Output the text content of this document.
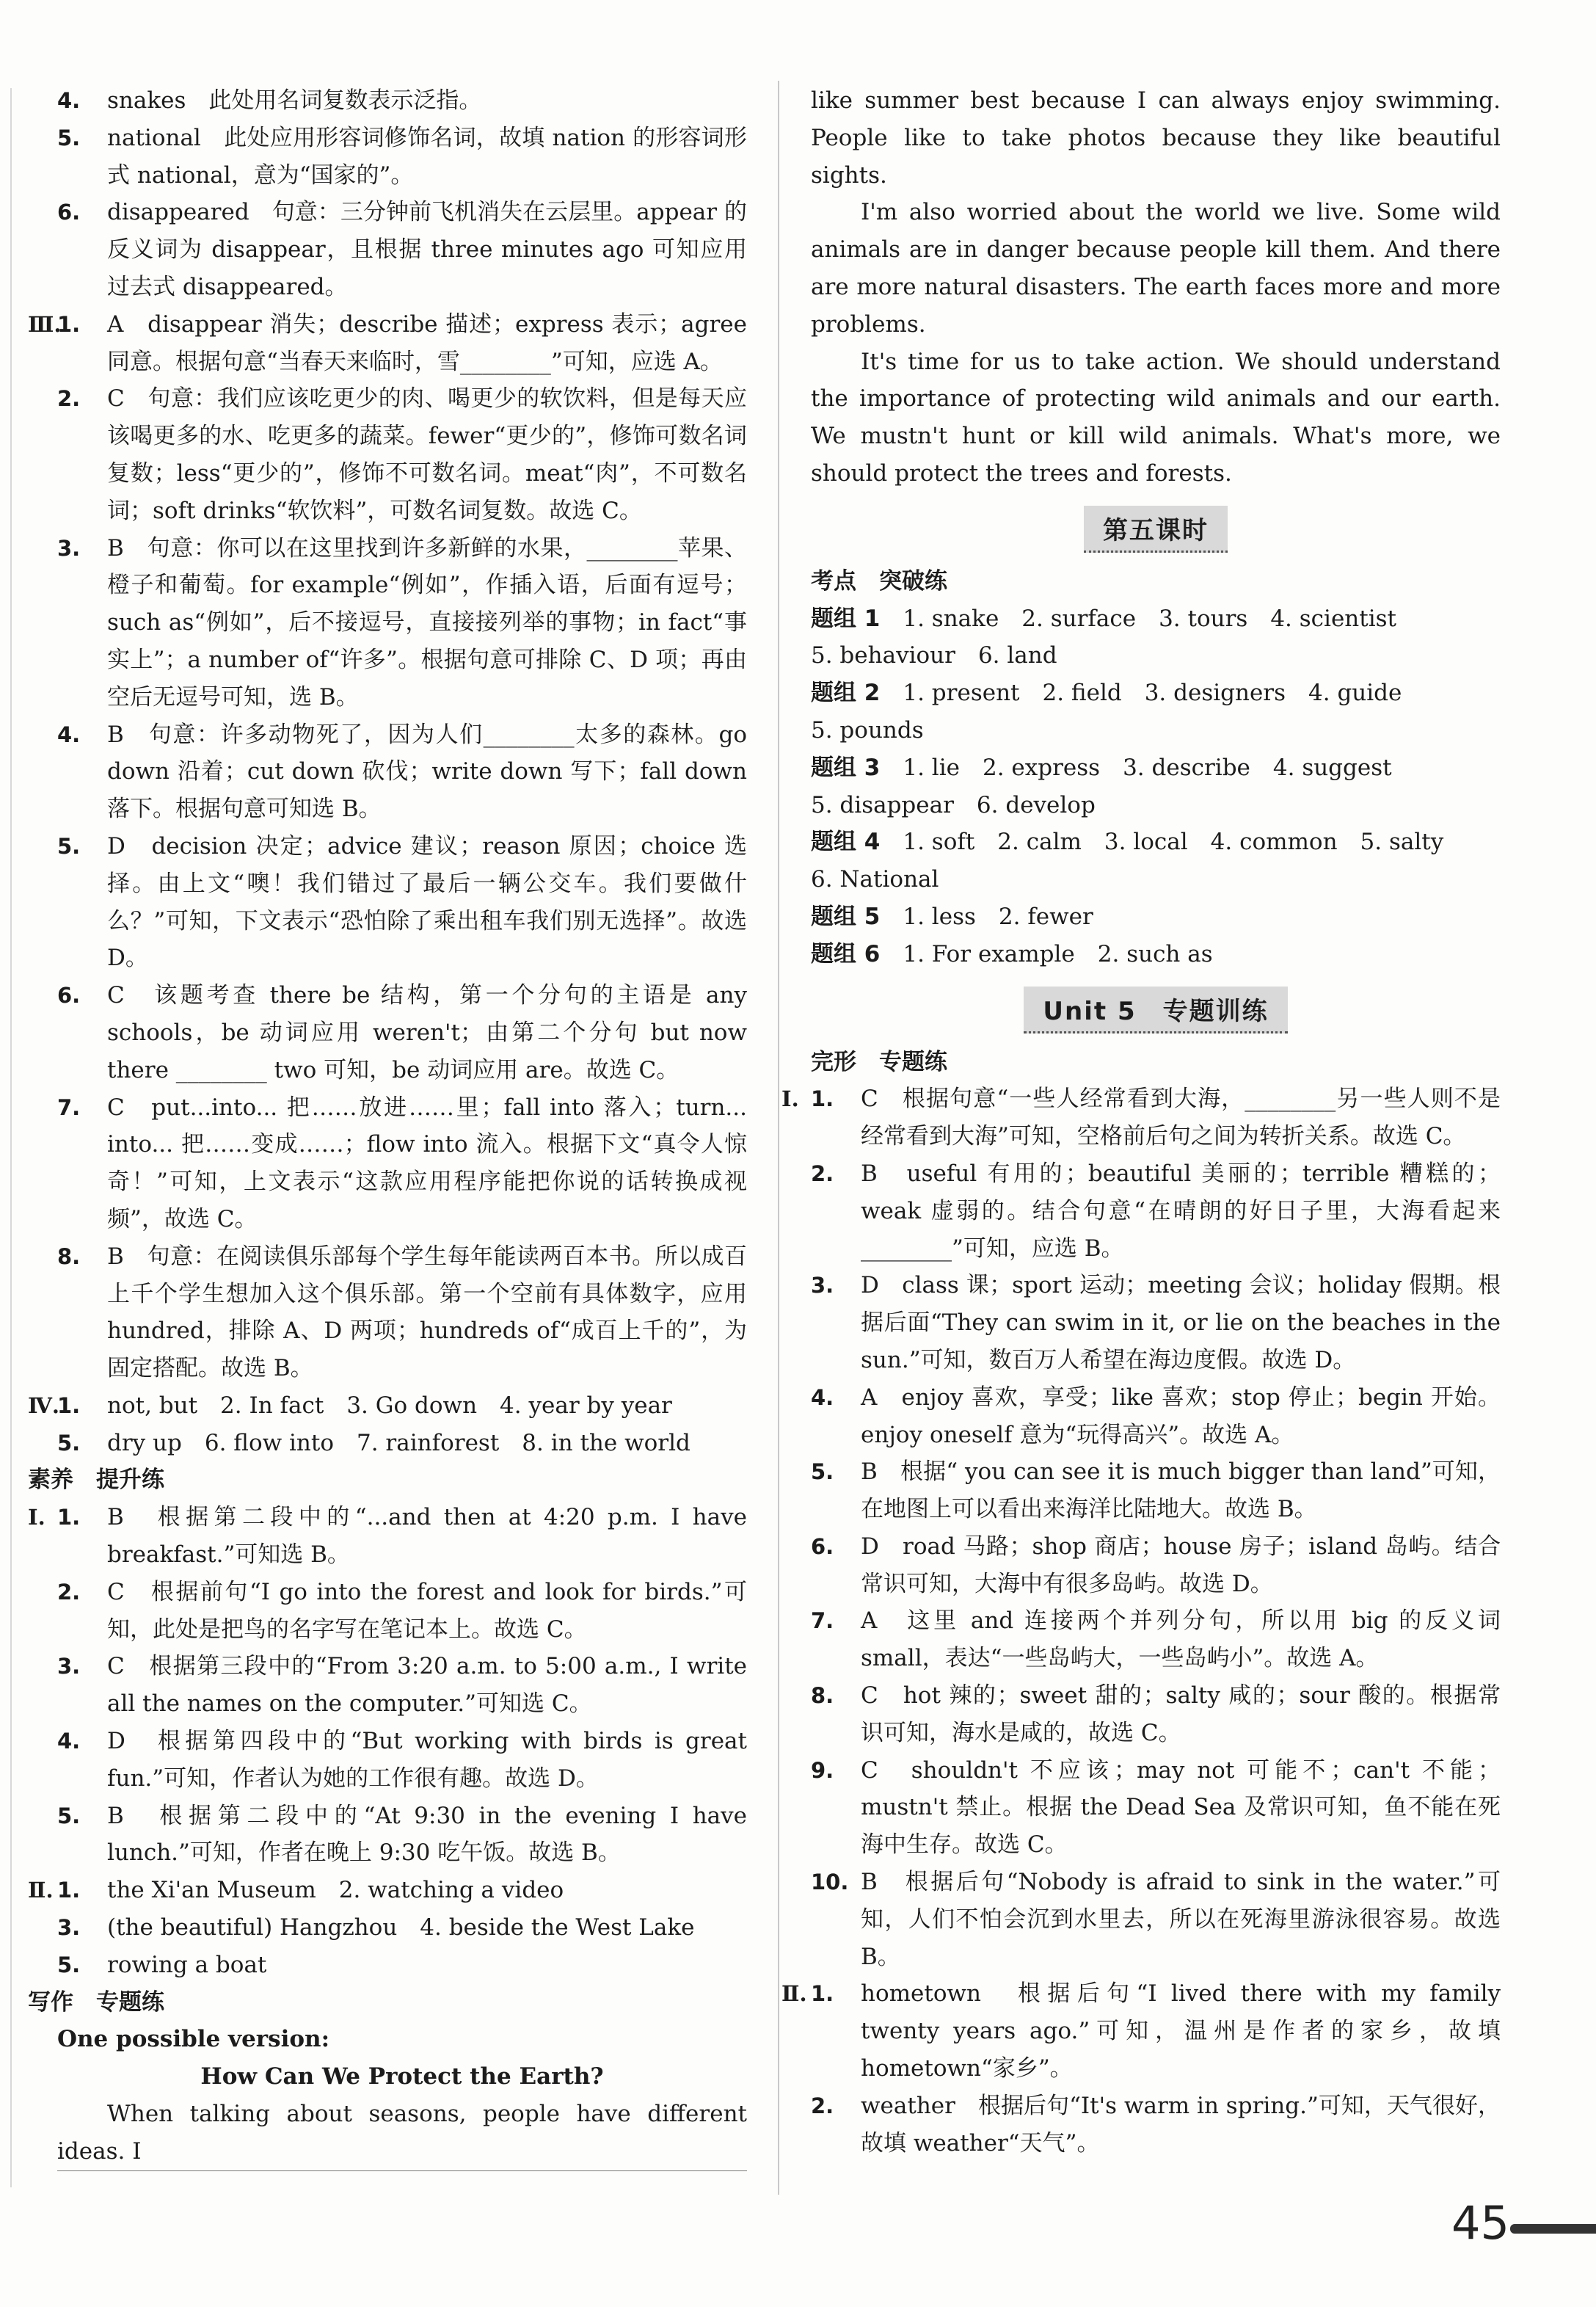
4.	snakes　此处用名词复数表示泛指。

5.	national　此处应用形容词修饰名词，故填 nation 的形容词形式 national，意为“国家的”。

6.	disappeared　句意：三分钟前飞机消失在云层里。appear 的反义词为 disappear，且根据 three minutes ago 可知应用过去式 disappeared。

Ⅲ.
1.	A　disappear 消失；describe 描述；express 表示；agree 同意。根据句意“当春天来临时，雪________”可知，应选 A。

2.	C　句意：我们应该吃更少的肉、喝更少的软饮料，但是每天应该喝更多的水、吃更多的蔬菜。fewer“更少的”，修饰可数名词复数；less“更少的”，修饰不可数名词。meat“肉”，不可数名词；soft drinks“软饮料”，可数名词复数。故选 C。

3.	B　句意：你可以在这里找到许多新鲜的水果，________苹果、橙子和葡萄。for example“例如”，作插入语，后面有逗号；such as“例如”，后不接逗号，直接接列举的事物；in fact“事实上”；a number of“许多”。根据句意可排除 C、D 项；再由空后无逗号可知，选 B。

4.	B　句意：许多动物死了，因为人们________太多的森林。go down 沿着；cut down 砍伐；write down 写下；fall down 落下。根据句意可知选 B。

5.	D　decision 决定；advice 建议；reason 原因；choice 选择。由上文“噢！我们错过了最后一辆公交车。我们要做什么？”可知，下文表示“恐怕除了乘出租车我们别无选择”。故选 D。

6.	C　该题考查 there be 结构，第一个分句的主语是 any schools，be 动词应用 weren't；由第二个分句 but now there ________ two 可知，be 动词应用 are。故选 C。

7.	C　put...into... 把……放进……里；fall into 落入；turn... into... 把……变成……；flow into 流入。根据下文“真令人惊奇！”可知，上文表示“这款应用程序能把你说的话转换成视频”，故选 C。

8.	B　句意：在阅读俱乐部每个学生每年能读两百本书。所以成百上千个学生想加入这个俱乐部。第一个空前有具体数字，应用 hundred，排除 A、D 两项；hundreds of“成百上千的”，为固定搭配。故选 B。

Ⅳ.
1.	not, but　2. In fact　3. Go down　4. year by year

5.	dry up　6. flow into　7. rainforest　8. in the world

素养　提升练

Ⅰ. 1.	B　根据第二段中的“...and then at 4:20 p.m. I have breakfast.”可知选 B。

2.	C　根据前句“I go into the forest and look for birds.”可知，此处是把鸟的名字写在笔记本上。故选 C。

3.	C　根据第三段中的“From 3:20 a.m. to 5:00 a.m., I write all the names on the computer.”可知选 C。

4.	D　根据第四段中的“But working with birds is great fun.”可知，作者认为她的工作很有趣。故选 D。

5.	B　根据第二段中的“At 9:30 in the evening I have lunch.”可知，作者在晚上 9:30 吃午饭。故选 B。

Ⅱ. 1.	the Xi'an Museum　2. watching a video

3.	(the beautiful) Hangzhou　4. beside the West Lake

5.	rowing a boat

写作　专题练

One possible version:

How Can We Protect the Earth?

When talking about seasons, people have different ideas. I

like summer best because I can always enjoy swimming. People like to take photos because they like beautiful sights.

I'm also worried about the world we live. Some wild animals are in danger because people kill them. And there are more natural disasters. The earth faces more and more problems.

It's time for us to take action. We should understand the importance of protecting wild animals and our earth. We mustn't hunt or kill wild animals. What's more, we should protect the trees and forests.

第五课时

考点　突破练

题组 1　 1. snake　2. surface　3. tours　4. scientist

5. behaviour　6. land

题组 2　 1. present　2. field　3. designers　4. guide

5. pounds

题组 3　 1. lie　2. express　3. describe　4. suggest

5. disappear　6. develop

题组 4　 1. soft　2. calm　3. local　4. common　5. salty

6. National

题组 5　 1. less　2. fewer

题组 6　 1. For example　2. such as

Unit 5　专题训练

完形　专题练

Ⅰ. 1.	C　根据句意“一些人经常看到大海，________另一些人则不是经常看到大海”可知，空格前后句之间为转折关系。故选 C。

2.	B　useful 有用的；beautiful 美丽的；terrible 糟糕的；weak 虚弱的。结合句意“在晴朗的好日子里，大海看起来________”可知，应选 B。

3.	D　class 课；sport 运动；meeting 会议；holiday 假期。根据后面“They can swim in it, or lie on the beaches in the sun.”可知，数百万人希望在海边度假。故选 D。

4.	A　enjoy 喜欢，享受；like 喜欢；stop 停止；begin 开始。enjoy oneself 意为“玩得高兴”。故选 A。

5.	B　根据“ you can see it is much bigger than land”可知，在地图上可以看出来海洋比陆地大。故选 B。

6.	D　road 马路；shop 商店；house 房子；island 岛屿。结合常识可知，大海中有很多岛屿。故选 D。

7.	A　这里 and 连接两个并列分句，所以用 big 的反义词 small，表达“一些岛屿大，一些岛屿小”。故选 A。

8.	C　hot 辣的；sweet 甜的；salty 咸的；sour 酸的。根据常识可知，海水是咸的，故选 C。

9.	C　shouldn't 不应该；may not 可能不；can't 不能；mustn't 禁止。根据 the Dead Sea 及常识可知，鱼不能在死海中生存。故选 C。

10. B　根据后句“Nobody is afraid to sink in the water.”可知，人们不怕会沉到水里去，所以在死海里游泳很容易。故选 B。

Ⅱ. 1.	hometown　根据后句“I lived there with my family twenty years ago.”可知，温州是作者的家乡，故填 hometown“家乡”。

2.	weather　根据后句“It's warm in spring.”可知，天气很好，故填 weather“天气”。

45
